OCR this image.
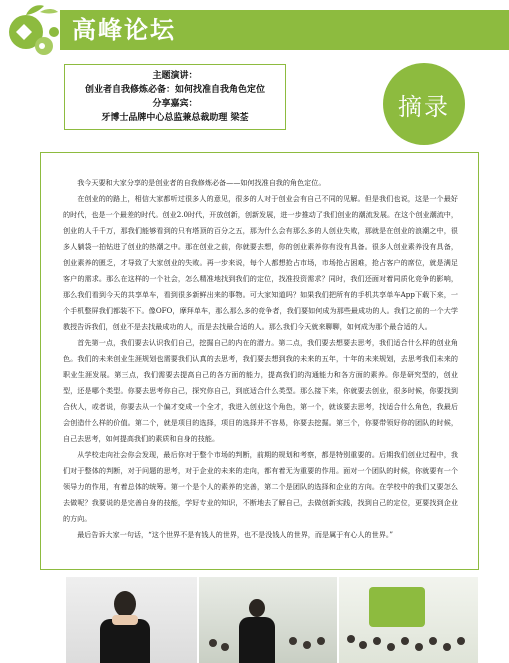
高峰论坛
主题演讲：
创业者自我修炼必备：如何找准自我角色定位
分享嘉宾：
牙博士品牌中心总监兼总裁助理 梁荃	摘录

我今天要和大家分享的是创业者的自我修炼必备——如何找准自我的角色定位。

在创业的的路上，相信大家都听过很多人的意见，很多的人对于创业会有自己不同的见解。但是我们也说，这是一个最好的时代，也是一个最差的时代。创业2.0时代，开放创新，创新发展，进一步推动了我们创业的潮流发展。在这个创业潮流中，创业的人千千万，那我们能够看到的只有塔顶的百分之五，那为什么会有那么多的人创业失败，那就是在创业的浪潮之中，很多人躺袋一拍钻进了创业的热潮之中。那在创业之前，你就要去想，你的创业素养你有没有具备。很多人创业素养没有具备，创业素养的匮乏，才导致了大家创业的失败。再一步来说，每个人都想抢占市场，市场抢占困难，抢占客户的席位，就是满足客户的需求。那么在这样的一个社会，怎么精准地找到我们的定位，找准投资需求？同时，我们还面对着同质化竞争的影响，那么我们看到今天的共享单车，看到很多新鲜出来的事物。可大家知道吗？如果我们把所有的手机共享单车App下载下来，一个手机整屏我们都装不下。像OFO，摩拜单车，那么那么多的竞争者，我们要如何成为那些最成功的人。我们之前的一个大学教授告诉我们，创业不是去找最成功的人，而是去找最合适的人。那么我们今天就来聊聊，如何成为那个最合适的人。

首先第一点，我们要去认识我们自己，挖掘自己的内在的潜力。第二点，我们要去想要去思考，我们适合什么样的创业角色。我们的未来创业生涯规划也需要我们认真的去思考，我们要去想到我的未来的五年，十年的未来规划，去思考我们未来的职业生涯发展。第三点，我们需要去提高自己的各方面的能力，提高我们的沟通能力和各方面的素养。你是研究型的，创业型，还是哪个类型。你要去思考你自己，探究你自己，到底适合什么类型。那么接下来，你就要去创业，很多时候，你要找到合伙人，或者说，你要去从一个偏才变成一个全才，我进入创业这个角色，第一个，就该要去思考，找适合什么角色，我最后会创造什么样的价值。第二个，就是项目的选择，项目的选择并不容易，你要去挖掘。第三个，你要带领好你的团队的时候，自己去思考，如何提高我们的素质和自身的技能。

从学校走向社会你会发现，最后你对于整个市场的判断，前期的规划和考察，都是特别重要的。后期我们创业过程中，我们对于整体的判断，对于问题的思考，对于企业的未来的走向，都有着无为重要的作用。面对一个团队的时候，你就要有一个领导力的作用，有着总体的统筹。第一个是个人的素养的完善，第二个是团队的选择和企业的方向。在学校中的我们又要怎么去做呢？我要说的是完善自身的技能，学好专业的知识，不断地去了解自己，去做创新实践，找到自己的定位，更要找到企业的方向。

最后告诉大家一句话，“这个世界不是有钱人的世界，也不是没钱人的世界，而是属于有心人的世界。”
